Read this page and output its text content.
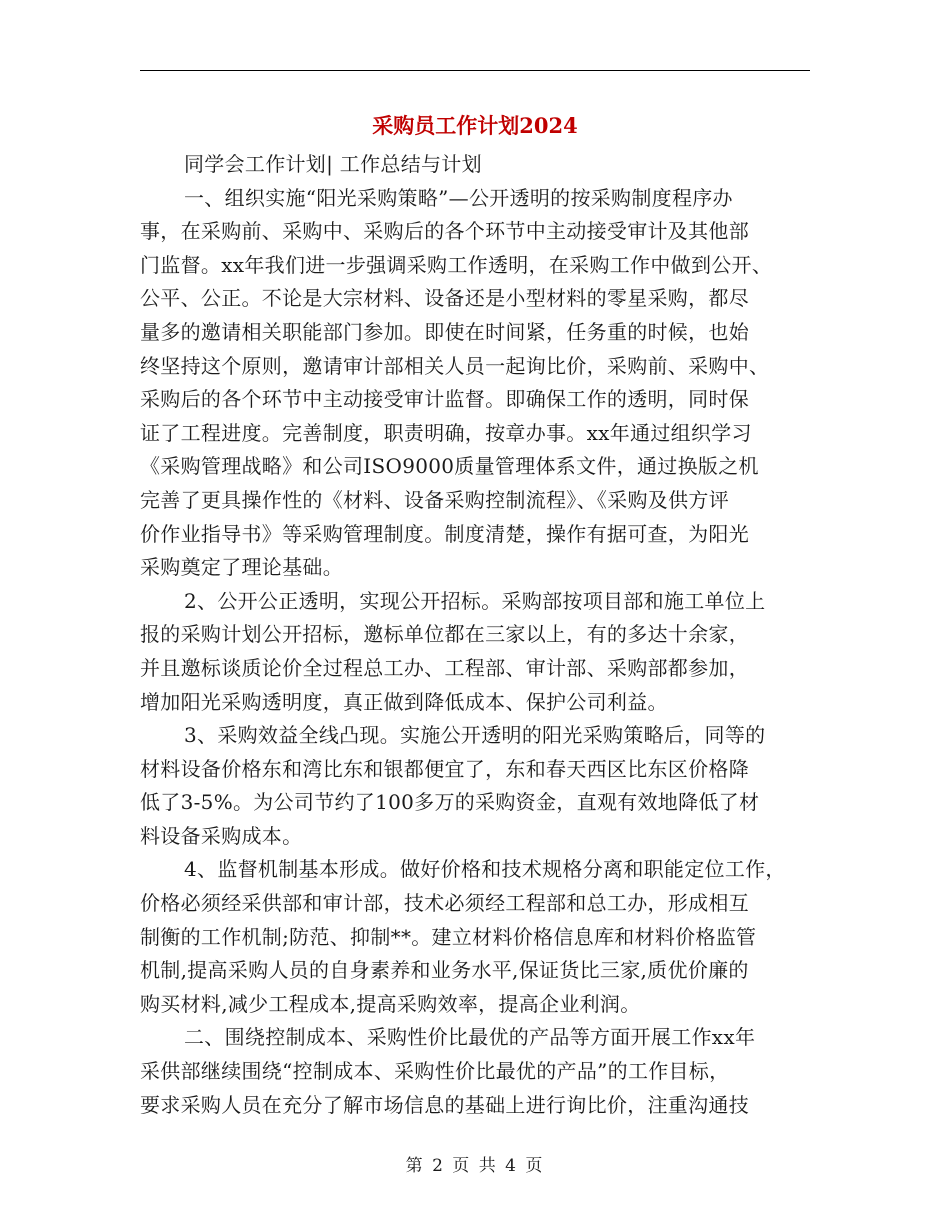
采购员工作计划2024
同学会工作计划| 工作总结与计划
一、组织实施“阳光采购策略”—公开透明的按采购制度程序办
事，在采购前、采购中、采购后的各个环节中主动接受审计及其他部
门监督。xx年我们进一步强调采购工作透明，在采购工作中做到公开、
公平、公正。不论是大宗材料、设备还是小型材料的零星采购，都尽
量多的邀请相关职能部门参加。即使在时间紧，任务重的时候，也始
终坚持这个原则，邀请审计部相关人员一起询比价，采购前、采购中、
采购后的各个环节中主动接受审计监督。即确保工作的透明，同时保
证了工程进度。完善制度，职责明确，按章办事。xx年通过组织学习
《采购管理战略》和公司ISO9000质量管理体系文件，通过换版之机
完善了更具操作性的《材料、设备采购控制流程》、《采购及供方评
价作业指导书》等采购管理制度。制度清楚，操作有据可查，为阳光
采购奠定了理论基础。
2、公开公正透明，实现公开招标。采购部按项目部和施工单位上
报的采购计划公开招标，邀标单位都在三家以上，有的多达十余家，
并且邀标谈质论价全过程总工办、工程部、审计部、采购部都参加，
增加阳光采购透明度，真正做到降低成本、保护公司利益。
3、采购效益全线凸现。实施公开透明的阳光采购策略后，同等的
材料设备价格东和湾比东和银都便宜了，东和春天西区比东区价格降
低了3-5%。为公司节约了100多万的采购资金，直观有效地降低了材
料设备采购成本。
4、监督机制基本形成。做好价格和技术规格分离和职能定位工作，
价格必须经采供部和审计部，技术必须经工程部和总工办，形成相互
制衡的工作机制;防范、抑制**。建立材料价格信息库和材料价格监管
机制,提高采购人员的自身素养和业务水平,保证货比三家,质优价廉的
购买材料,减少工程成本,提高采购效率，提高企业利润。
二、围绕控制成本、采购性价比最优的产品等方面开展工作xx年
采供部继续围绕“控制成本、采购性价比最优的产品”的工作目标，
要求采购人员在充分了解市场信息的基础上进行询比价，注重沟通技
第 2 页 共 4 页
